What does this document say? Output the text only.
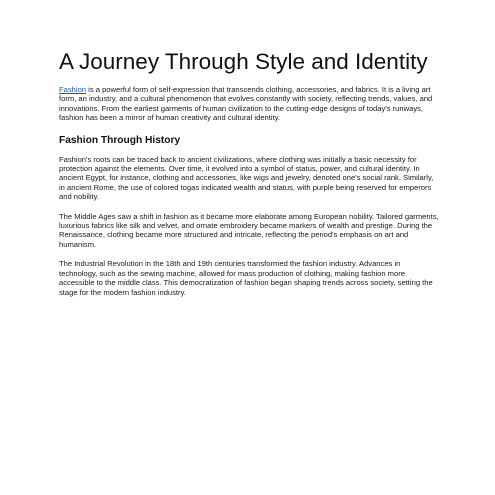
A Journey Through Style and Identity

Fashion is a powerful form of self-expression that transcends clothing, accessories, and fabrics. It is a living art form, an industry, and a cultural phenomenon that evolves constantly with society, reflecting trends, values, and innovations. From the earliest garments of human civilization to the cutting-edge designs of today's runways, fashion has been a mirror of human creativity and cultural identity.

Fashion Through History

Fashion's roots can be traced back to ancient civilizations, where clothing was initially a basic necessity for protection against the elements. Over time, it evolved into a symbol of status, power, and cultural identity. In ancient Egypt, for instance, clothing and accessories, like wigs and jewelry, denoted one's social rank. Similarly, in ancient Rome, the use of colored togas indicated wealth and status, with purple being reserved for emperors and nobility.

The Middle Ages saw a shift in fashion as it became more elaborate among European nobility. Tailored garments, luxurious fabrics like silk and velvet, and ornate embroidery became markers of wealth and prestige. During the Renaissance, clothing became more structured and intricate, reflecting the period's emphasis on art and humanism.

The Industrial Revolution in the 18th and 19th centuries transformed the fashion industry. Advances in technology, such as the sewing machine, allowed for mass production of clothing, making fashion more accessible to the middle class. This democratization of fashion began shaping trends across society, setting the stage for the modern fashion industry.
